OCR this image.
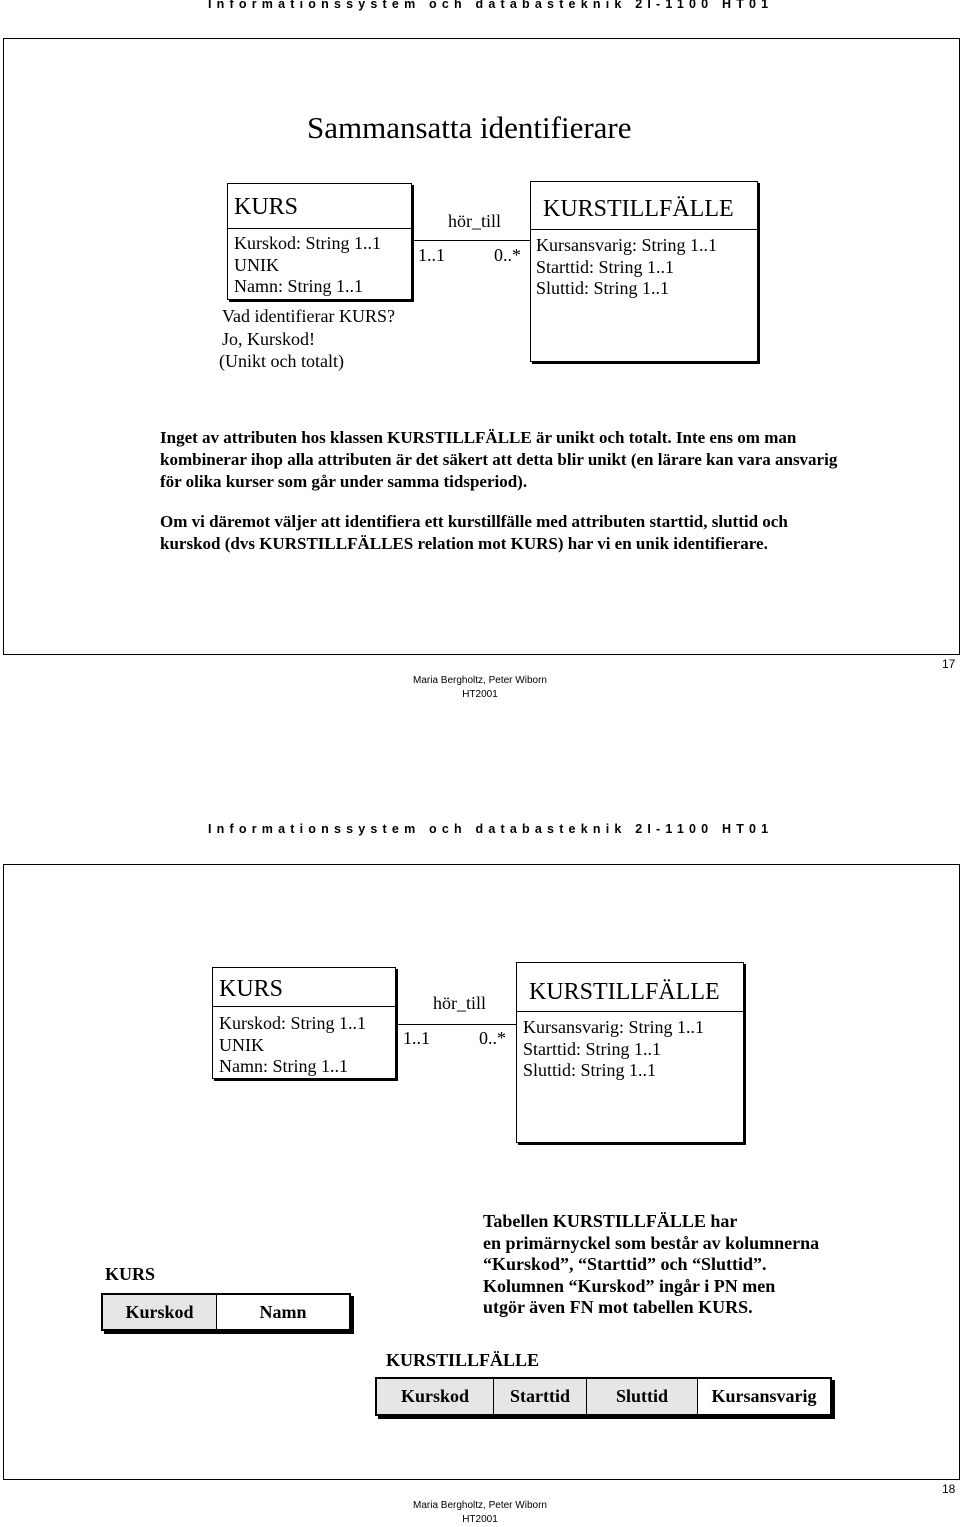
Informationssystem och databasteknik 2I-1100 HT01
Sammansatta identifierare
KURS
Kurskod: String 1..1
UNIK
Namn: String 1..1
hör_till
1..1	0..*
KURSTILLFÄLLE
Kursansvarig: String 1..1
Starttid: String 1..1
Sluttid: String 1..1
Vad identifierar KURS?
Jo, Kurskod!
(Unikt och totalt)
Inget av attributen hos klassen KURSTILLFÄLLE är unikt och totalt. Inte ens om man kombinerar ihop alla attributen är det säkert att detta blir unikt (en lärare kan vara ansvarig för olika kurser som går under samma tidsperiod).
Om vi däremot väljer att identifiera ett kurstillfälle med attributen starttid, sluttid och kurskod (dvs KURSTILLFÄLLES relation mot KURS) har vi en unik identifierare.
17
Maria Bergholtz, Peter Wiborn
HT2001
Informationssystem och databasteknik 2I-1100 HT01
KURS
Kurskod: String 1..1
UNIK
Namn: String 1..1
hör_till
1..1	0..*
KURSTILLFÄLLE
Kursansvarig: String 1..1
Starttid: String 1..1
Sluttid: String 1..1
KURS
Kurskod	Namn
Tabellen KURSTILLFÄLLE har
en primärnyckel som består av kolumnerna
“Kurskod”, “Starttid” och “Sluttid”.
Kolumnen “Kurskod” ingår i PN men
utgör även FN mot tabellen KURS.
KURSTILLFÄLLE
Kurskod	Starttid	Sluttid	Kursansvarig
18
Maria Bergholtz, Peter Wiborn
HT2001
